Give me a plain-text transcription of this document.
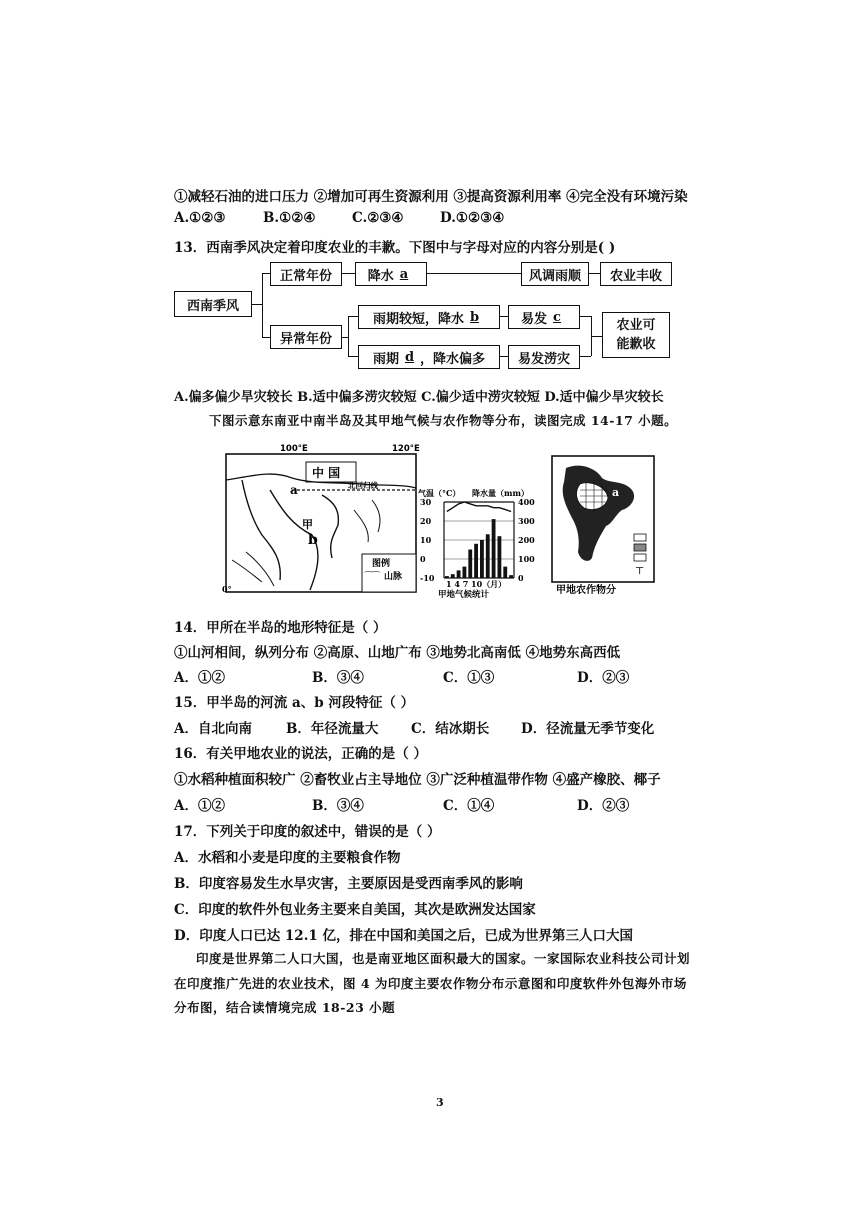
①减轻石油的进口压力 ②增加可再生资源利用 ③提高资源利用率 ④完全没有环境污染
A.①②③	B.①②④	C.②③④	D.①②③④
13．西南季风决定着印度农业的丰歉。下图中与字母对应的内容分别是( )
西南季风
正常年份
异常年份
降水 a	风调雨顺 农业丰收
雨期较短，降水 b	易发 c
雨期 d ，降水偏多	易发涝灾
农业可
能歉收
A.偏多偏少旱灾较长 B.适中偏多涝灾较短 C.偏少适中涝灾较短 D.适中偏少旱灾较长
下图示意东南亚中南半岛及其甲地气候与农作物等分布，读图完成 14-17 小题。
100°E	120°E
中 国
北回归线
a
甲
b
图例
⁀⁀ 山脉
0°
气温（°C） 降水量（mm）
30
20
10
0
-10
400
300
200
100
0
1 4 7 10（月）
甲地气候统计
a
⊤
甲地农作物分
14．甲所在半岛的地形特征是（ ）
①山河相间，纵列分布 ②高原、山地广布 ③地势北高南低 ④地势东高西低
A．①②	B．③④	C．①③	D．②③
15．甲半岛的河流 a、b 河段特征（ ）
A．自北向南	B．年径流量大 C．结冰期长 D．径流量无季节变化
16．有关甲地农业的说法，正确的是（ ）
①水稻种植面积较广 ②畜牧业占主导地位 ③广泛种植温带作物 ④盛产橡胶、椰子
A．①②	B．③④	C．①④	D．②③
17．下列关于印度的叙述中，错误的是（ ）
A．水稻和小麦是印度的主要粮食作物
B．印度容易发生水旱灾害，主要原因是受西南季风的影响
C．印度的软件外包业务主要来自美国，其次是欧洲发达国家
D．印度人口已达 12.1 亿，排在中国和美国之后，已成为世界第三人口大国
印度是世界第二人口大国，也是南亚地区面积最大的国家。一家国际农业科技公司计划
在印度推广先进的农业技术，图 4 为印度主要农作物分布示意图和印度软件外包海外市场
分布图，结合读情境完成 18-23 小题
3
